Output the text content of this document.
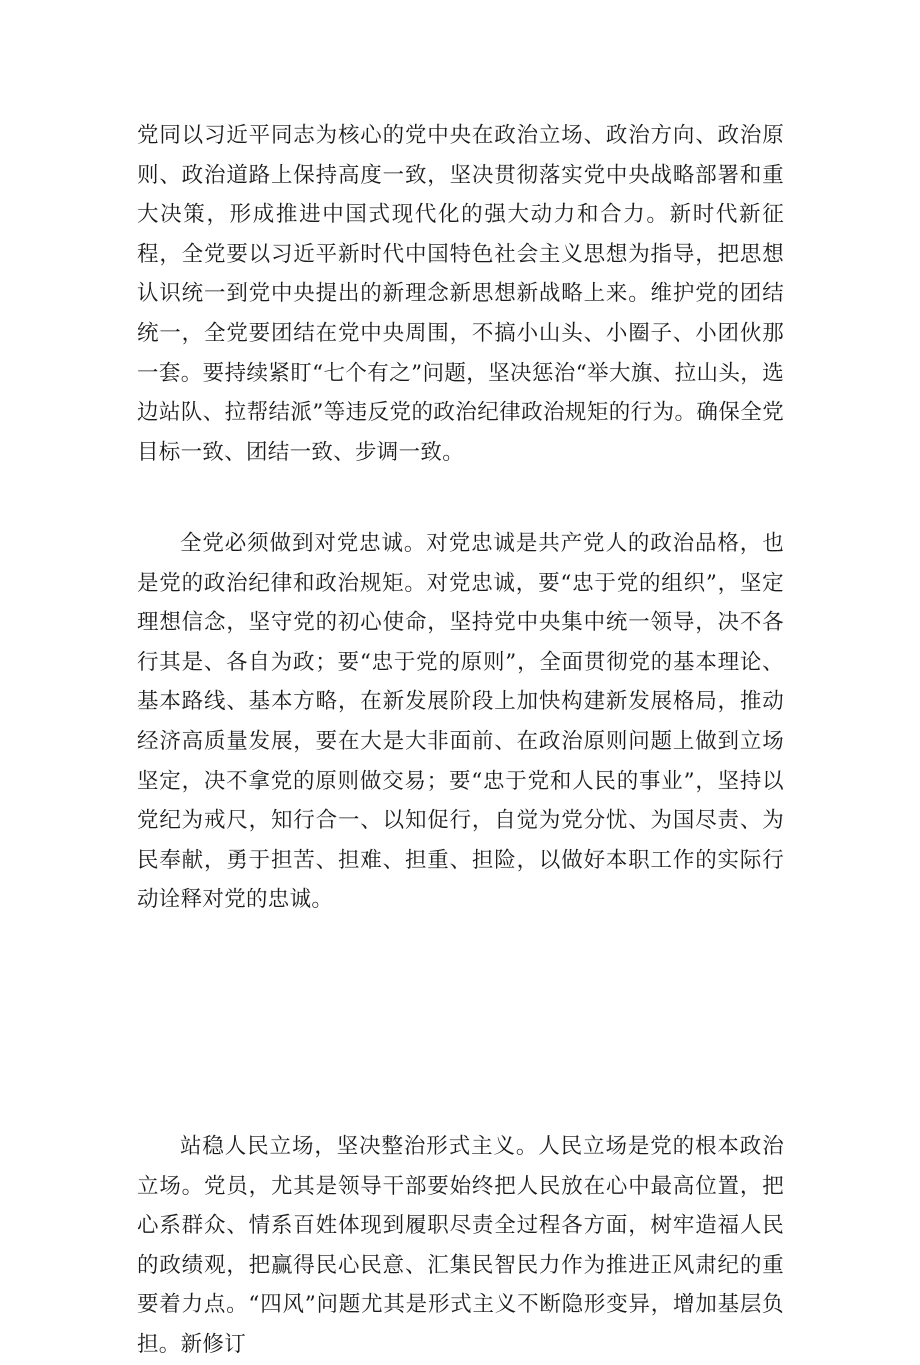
党同以习近平同志为核心的党中央在政治立场、政治方向、政治原则、政治道路上保持高度一致，坚决贯彻落实党中央战略部署和重大决策，形成推进中国式现代化的强大动力和合力。新时代新征程，全党要以习近平新时代中国特色社会主义思想为指导，把思想认识统一到党中央提出的新理念新思想新战略上来。维护党的团结统一，全党要团结在党中央周围，不搞小山头、小圈子、小团伙那一套。要持续紧盯“七个有之”问题，坚决惩治“举大旗、拉山头，选边站队、拉帮结派”等违反党的政治纪律政治规矩的行为。确保全党目标一致、团结一致、步调一致。
全党必须做到对党忠诚。对党忠诚是共产党人的政治品格，也是党的政治纪律和政治规矩。对党忠诚，要“忠于党的组织”，坚定理想信念，坚守党的初心使命，坚持党中央集中统一领导，决不各行其是、各自为政；要“忠于党的原则”，全面贯彻党的基本理论、基本路线、基本方略，在新发展阶段上加快构建新发展格局，推动经济高质量发展，要在大是大非面前、在政治原则问题上做到立场坚定，决不拿党的原则做交易；要“忠于党和人民的事业”，坚持以党纪为戒尺，知行合一、以知促行，自觉为党分忧、为国尽责、为民奉献，勇于担苦、担难、担重、担险，以做好本职工作的实际行动诠释对党的忠诚。
站稳人民立场，坚决整治形式主义。人民立场是党的根本政治立场。党员，尤其是领导干部要始终把人民放在心中最高位置，把心系群众、情系百姓体现到履职尽责全过程各方面，树牢造福人民的政绩观，把赢得民心民意、汇集民智民力作为推进正风肃纪的重要着力点。“四风”问题尤其是形式主义不断隐形变异，增加基层负担。新修订
